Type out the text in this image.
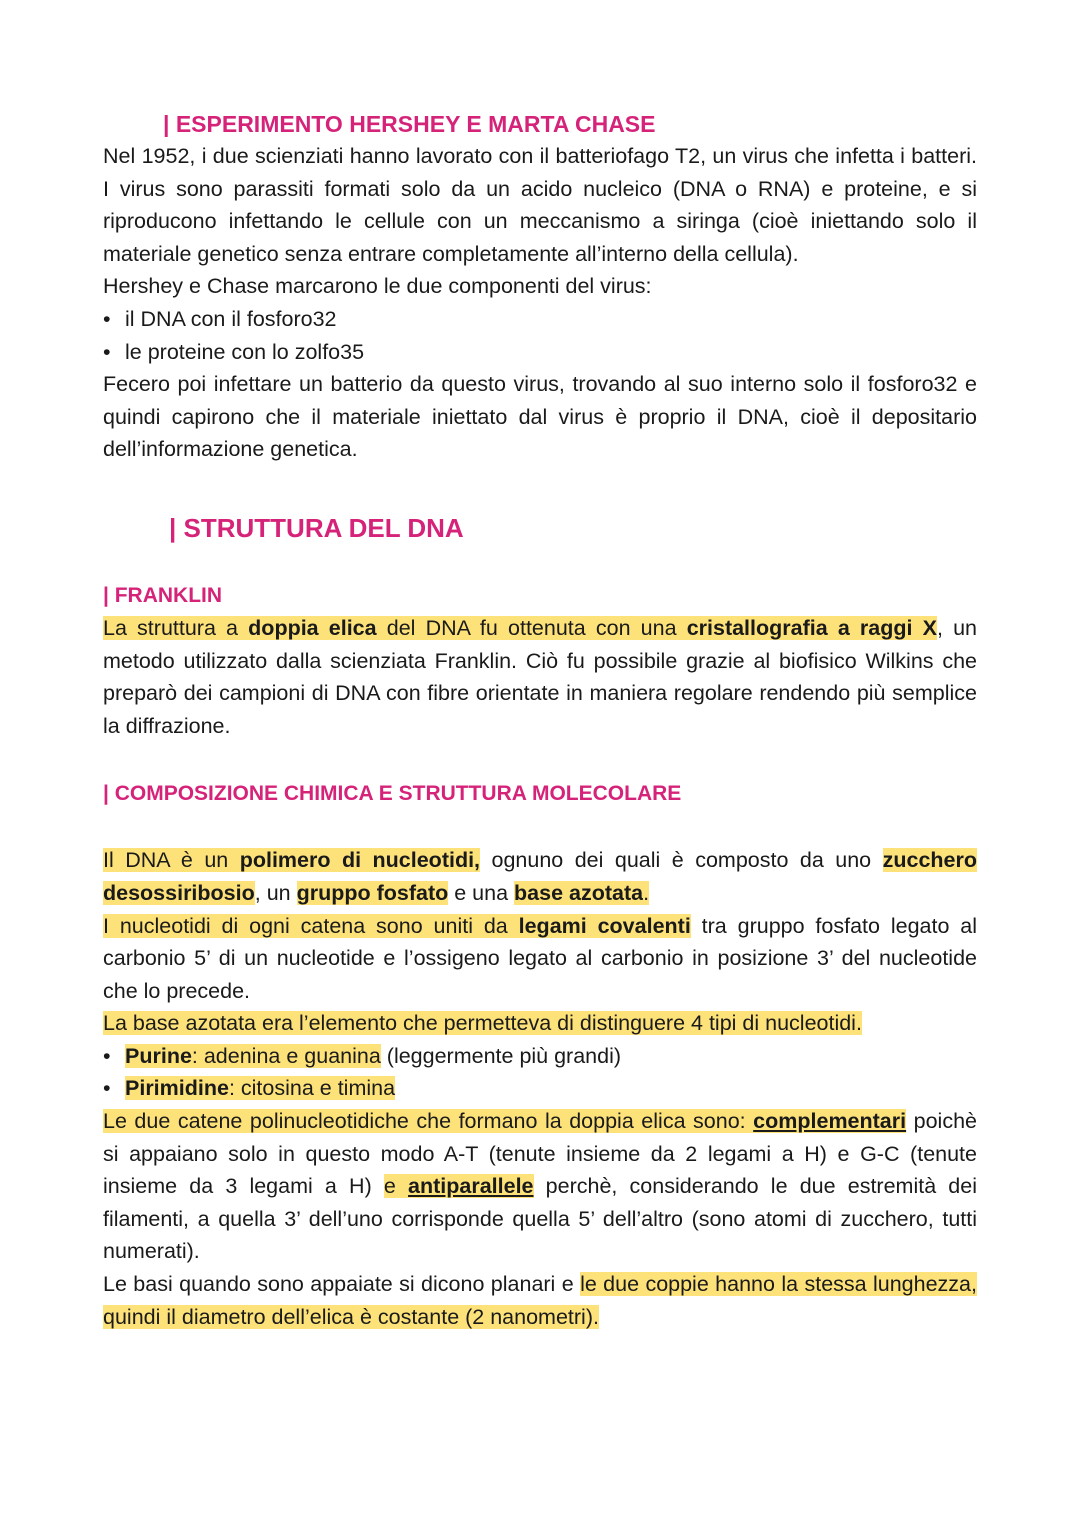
| ESPERIMENTO HERSHEY E MARTA CHASE

Nel 1952, i due scienziati hanno lavorato con il batteriofago T2, un virus che infetta i batteri. I virus sono parassiti formati solo da un acido nucleico (DNA o RNA) e proteine, e si riproducono infettando le cellule con un meccanismo a siringa (cioè iniettando solo il materiale genetico senza entrare completamente all’interno della cellula).

Hershey e Chase marcarono le due componenti del virus:

• il DNA con il fosforo32
• le proteine con lo zolfo35

Fecero poi infettare un batterio da questo virus, trovando al suo interno solo il fosforo32 e quindi capirono che il materiale iniettato dal virus è proprio il DNA, cioè il depositario dell’informazione genetica.

| STRUTTURA DEL DNA
| FRANKLIN

La struttura a doppia elica del DNA fu ottenuta con una cristallografia a raggi X, un metodo utilizzato dalla scienziata Franklin. Ciò fu possibile grazie al biofisico Wilkins che preparò dei campioni di DNA con fibre orientate in maniera regolare rendendo più semplice la diffrazione.

| COMPOSIZIONE CHIMICA E STRUTTURA MOLECOLARE

Il DNA è un polimero di nucleotidi, ognuno dei quali è composto da uno zucchero desossiribosio, un gruppo fosfato e una base azotata.

I nucleotidi di ogni catena sono uniti da legami covalenti tra gruppo fosfato legato al carbonio 5’ di un nucleotide e l’ossigeno legato al carbonio in posizione 3’ del nucleotide che lo precede.

La base azotata era l’elemento che permetteva di distinguere 4 tipi di nucleotidi.

• Purine: adenina e guanina (leggermente più grandi)
• Pirimidine: citosina e timina

Le due catene polinucleotidiche che formano la doppia elica sono: complementari poichè si appaiano solo in questo modo A-T (tenute insieme da 2 legami a H) e G-C (tenute insieme da 3 legami a H) e antiparallele perchè, considerando le due estremità dei filamenti, a quella 3’ dell’uno corrisponde quella 5’ dell’altro (sono atomi di zucchero, tutti numerati).

Le basi quando sono appaiate si dicono planari e le due coppie hanno la stessa lunghezza, quindi il diametro dell’elica è costante (2 nanometri).
